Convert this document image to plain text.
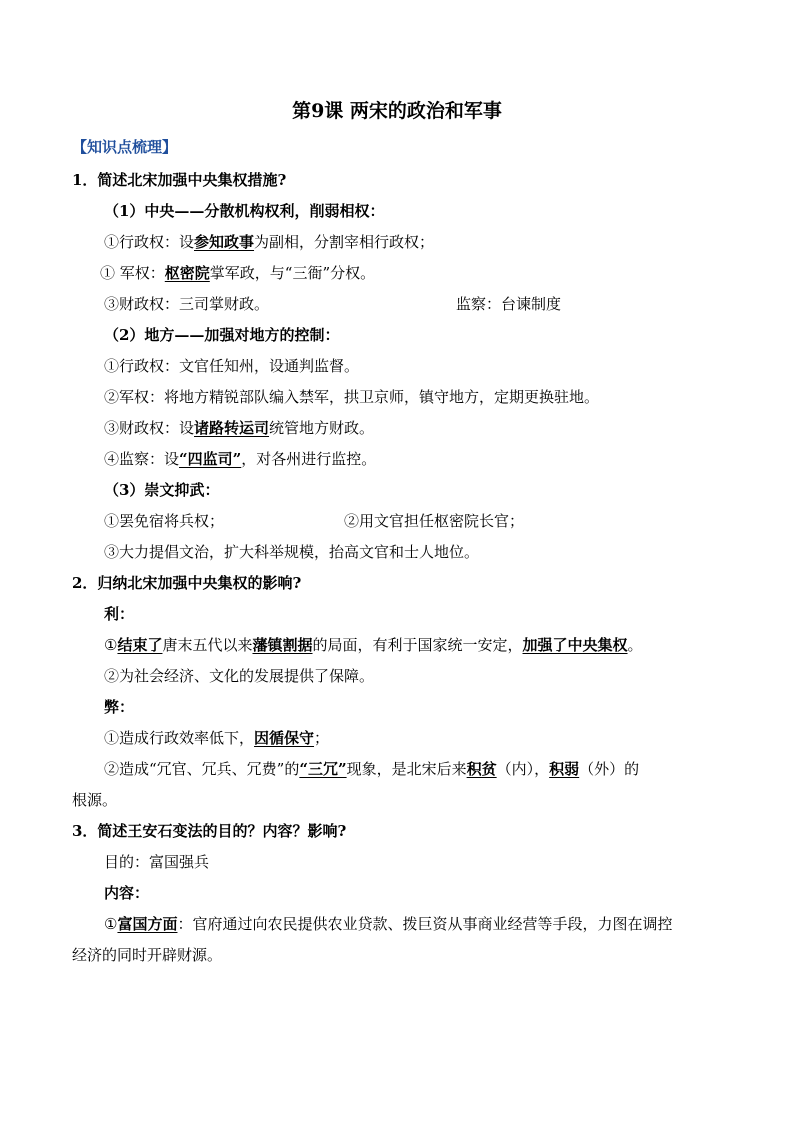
第9课 两宋的政治和军事
【知识点梳理】
1．简述北宋加强中央集权措施?
（1）中央——分散机构权利，削弱相权：
①行政权：设参知政事为副相，分割宰相行政权；
① 军权：枢密院掌军政，与“三衙”分权。
③财政权：三司掌财政。	监察：台谏制度
（2）地方——加强对地方的控制：
①行政权：文官任知州，设通判监督。
②军权：将地方精锐部队编入禁军，拱卫京师，镇守地方，定期更换驻地。
③财政权：设诸路转运司统管地方财政。
④监察：设“四监司”，对各州进行监控。
（3）崇文抑武：
①罢免宿将兵权；	②用文官担任枢密院长官；
③大力提倡文治，扩大科举规模，抬高文官和士人地位。
2．归纳北宋加强中央集权的影响?
利：
①结束了唐末五代以来藩镇割据的局面，有利于国家统一安定，加强了中央集权。
②为社会经济、文化的发展提供了保障。
弊：
①造成行政效率低下，因循保守；
②造成“冗官、冗兵、冗费”的“三冗”现象，是北宋后来积贫（内），积弱（外）的
根源。
3．简述王安石变法的目的？内容？影响?
目的：富国强兵
内容：
①富国方面：官府通过向农民提供农业贷款、拨巨资从事商业经营等手段，力图在调控
经济的同时开辟财源。
